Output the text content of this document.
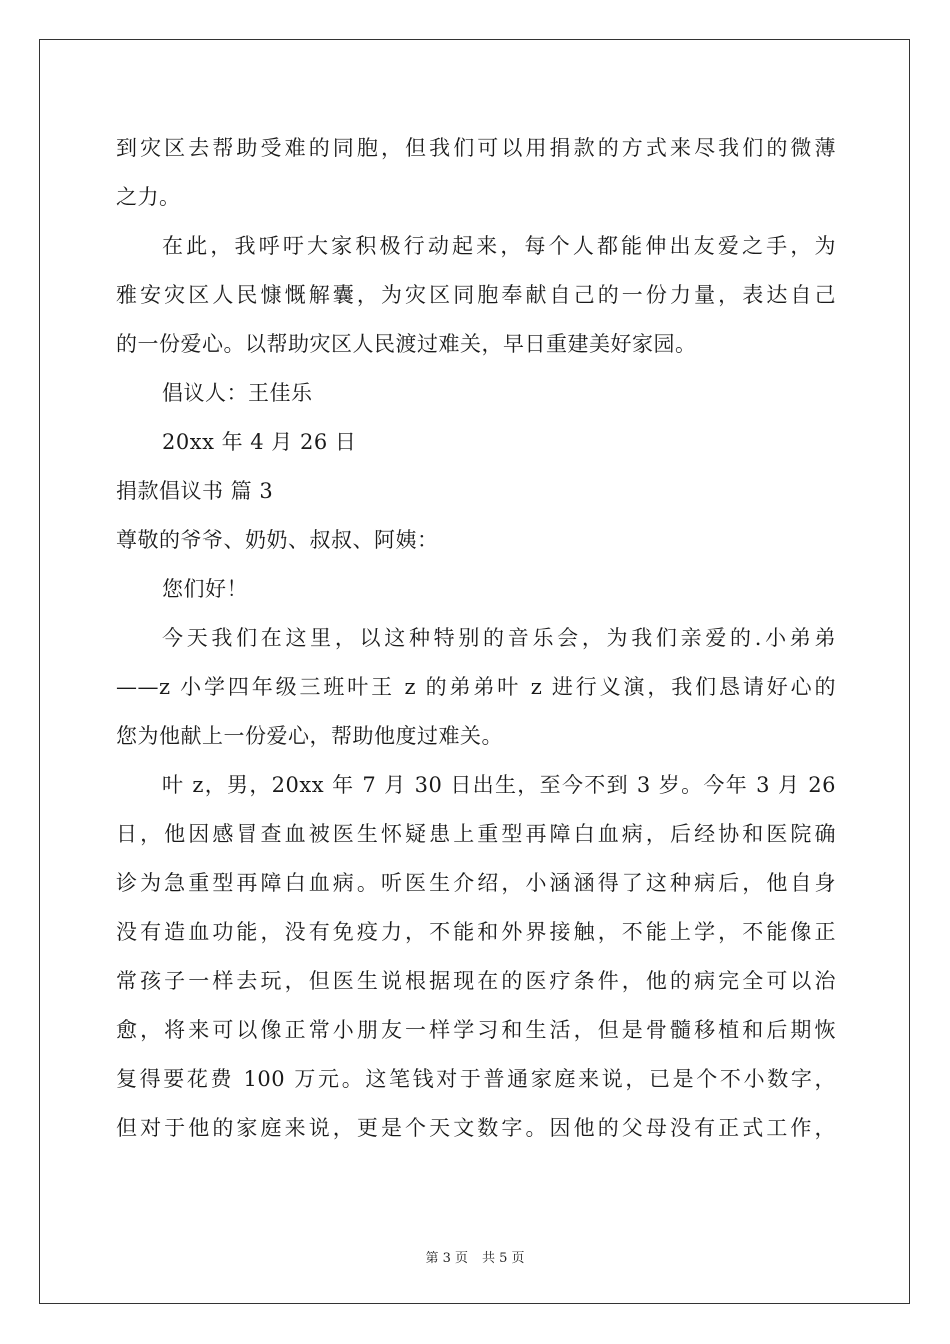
到灾区去帮助受难的同胞，但我们可以用捐款的方式来尽我们的微薄
之力。
在此，我呼吁大家积极行动起来，每个人都能伸出友爱之手，为
雅安灾区人民慷慨解囊，为灾区同胞奉献自己的一份力量，表达自己
的一份爱心。以帮助灾区人民渡过难关，早日重建美好家园。
倡议人：王佳乐
20xx 年 4 月 26 日
捐款倡议书 篇 3
尊敬的爷爷、奶奶、叔叔、阿姨：
您们好！
今天我们在这里，以这种特别的音乐会，为我们亲爱的.小弟弟
——z 小学四年级三班叶王 z 的弟弟叶 z 进行义演，我们恳请好心的
您为他献上一份爱心，帮助他度过难关。
叶 z，男，20xx 年 7 月 30 日出生，至今不到 3 岁。今年 3 月 26
日，他因感冒查血被医生怀疑患上重型再障白血病，后经协和医院确
诊为急重型再障白血病。听医生介绍，小涵涵得了这种病后，他自身
没有造血功能，没有免疫力，不能和外界接触，不能上学，不能像正
常孩子一样去玩，但医生说根据现在的医疗条件，他的病完全可以治
愈，将来可以像正常小朋友一样学习和生活，但是骨髓移植和后期恢
复得要花费 100 万元。这笔钱对于普通家庭来说，已是个不小数字，
但对于他的家庭来说，更是个天文数字。因他的父母没有正式工作，
第 3 页 共 5 页
